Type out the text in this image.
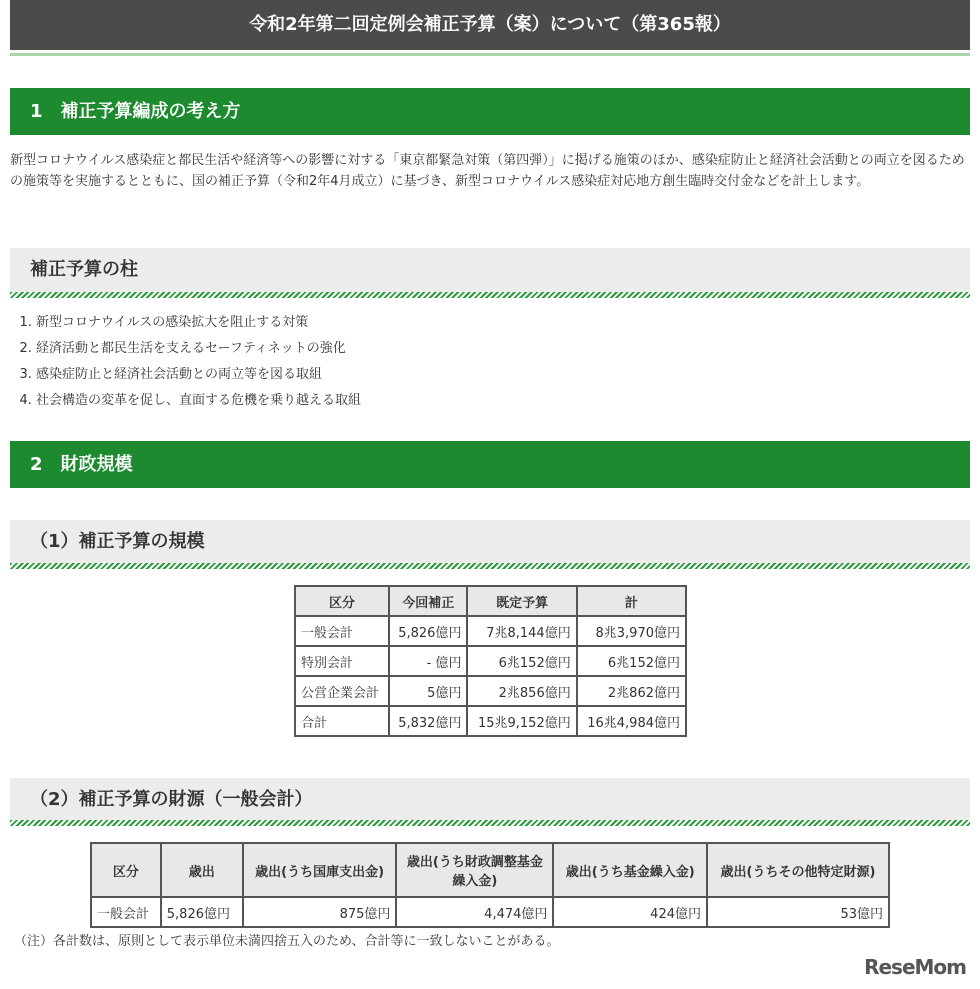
令和2年第二回定例会補正予算（案）について（第365報）
1　補正予算編成の考え方

新型コロナウイルス感染症と都民生活や経済等への影響に対する「東京都緊急対策（第四弾）」に掲げる施策のほか、感染症防止と経済社会活動との両立を図るための施策等を実施するとともに、国の補正予算（令和2年4月成立）に基づき、新型コロナウイルス感染症対応地方創生臨時交付金などを計上します。

補正予算の柱
1. 新型コロナウイルスの感染拡大を阻止する対策
2. 経済活動と都民生活を支えるセーフティネットの強化
3. 感染症防止と経済社会活動との両立等を図る取組
4. 社会構造の変革を促し、直面する危機を乗り越える取組
2　財政規模
（1）補正予算の規模
区分	今回補正	既定予算	計
一般会計	5,826億円	7兆8,144億円	8兆3,970億円
特別会計	- 億円	6兆152億円	6兆152億円
公営企業会計	5億円	2兆856億円	2兆862億円
合計	5,832億円	15兆9,152億円	16兆4,984億円
（2）補正予算の財源（一般会計）
区分	歳出	歳出(うち国庫支出金)	歳出(うち財政調整基金繰入金)	歳出(うち基金繰入金)	歳出(うちその他特定財源)
一般会計	5,826億円	875億円	4,474億円	424億円	53億円
（注）各計数は、原則として表示単位未満四捨五入のため、合計等に一致しないことがある。
ReseMom
